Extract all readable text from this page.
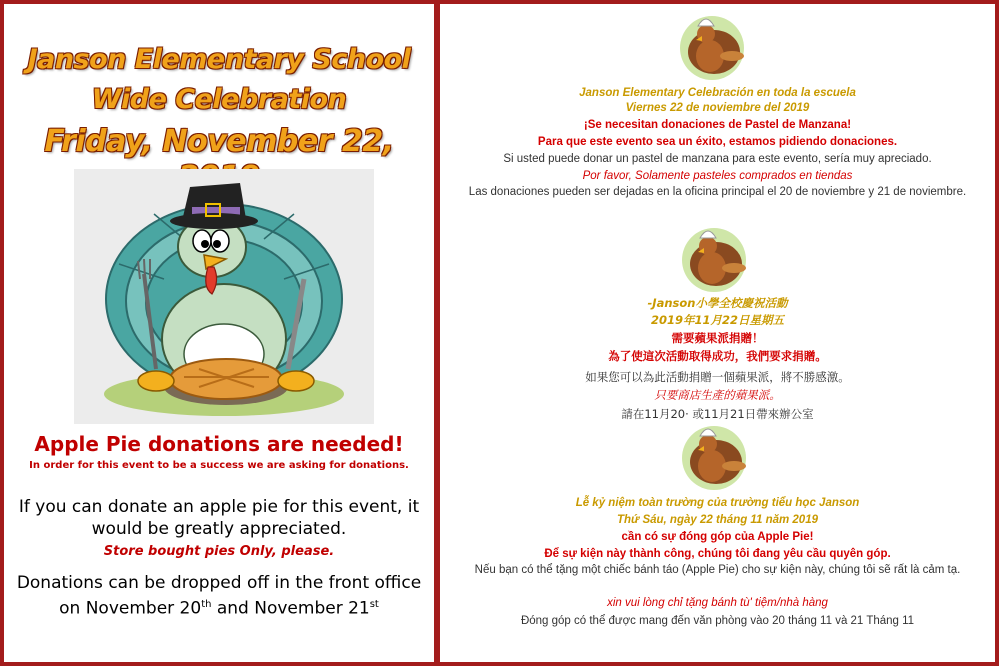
Janson Elementary School
Wide Celebration
Friday, November 22,
Apple Pie donations are needed!
In order for this event to be a success we are asking for donations.
If you can donate an apple pie for this event, it would be greatly appreciated.
Store bought pies Only, please.
Donations can be dropped off in the front office on November 20th and November 21st
Janson Elementary Celebración en toda la escuela
Viernes 22 de noviembre del 2019
¡Se necesitan donaciones de Pastel de Manzana!
Para que este evento sea un éxito, estamos pidiendo donaciones.
Si usted puede donar un pastel de manzana para este evento, sería muy apreciado.
Por favor, Solamente pasteles comprados en tiendas
Las donaciones pueden ser dejadas en la oficina principal el 20 de noviembre y 21 de noviembre.
-Janson小學全校慶祝活動
2019年11月22日星期五
需要蘋果派捐贈！
為了使這次活動取得成功，我們要求捐贈。
如果您可以為此活動捐贈一個蘋果派，將不勝感激。
只要商店生產的蘋果派。
請在11月20· 或11月21日帶來辦公室
Lễ kỷ niệm toàn trường của trường tiểu học Janson
Thứ Sáu, ngày 22 tháng 11 năm 2019
cần có sự đóng góp của Apple Pie!
Để sự kiện này thành công, chúng tôi đang yêu cầu quyên góp.
Nếu bạn có thể tặng một chiếc bánh táo (Apple Pie) cho sự kiện này, chúng tôi sẽ rất là cảm tạ.
xin vui lòng chỉ tặng bánh tù' tiệm/nhà hàng
Đóng góp có thể được mang đến văn phòng vào 20 tháng 11 và 21 Tháng 11
